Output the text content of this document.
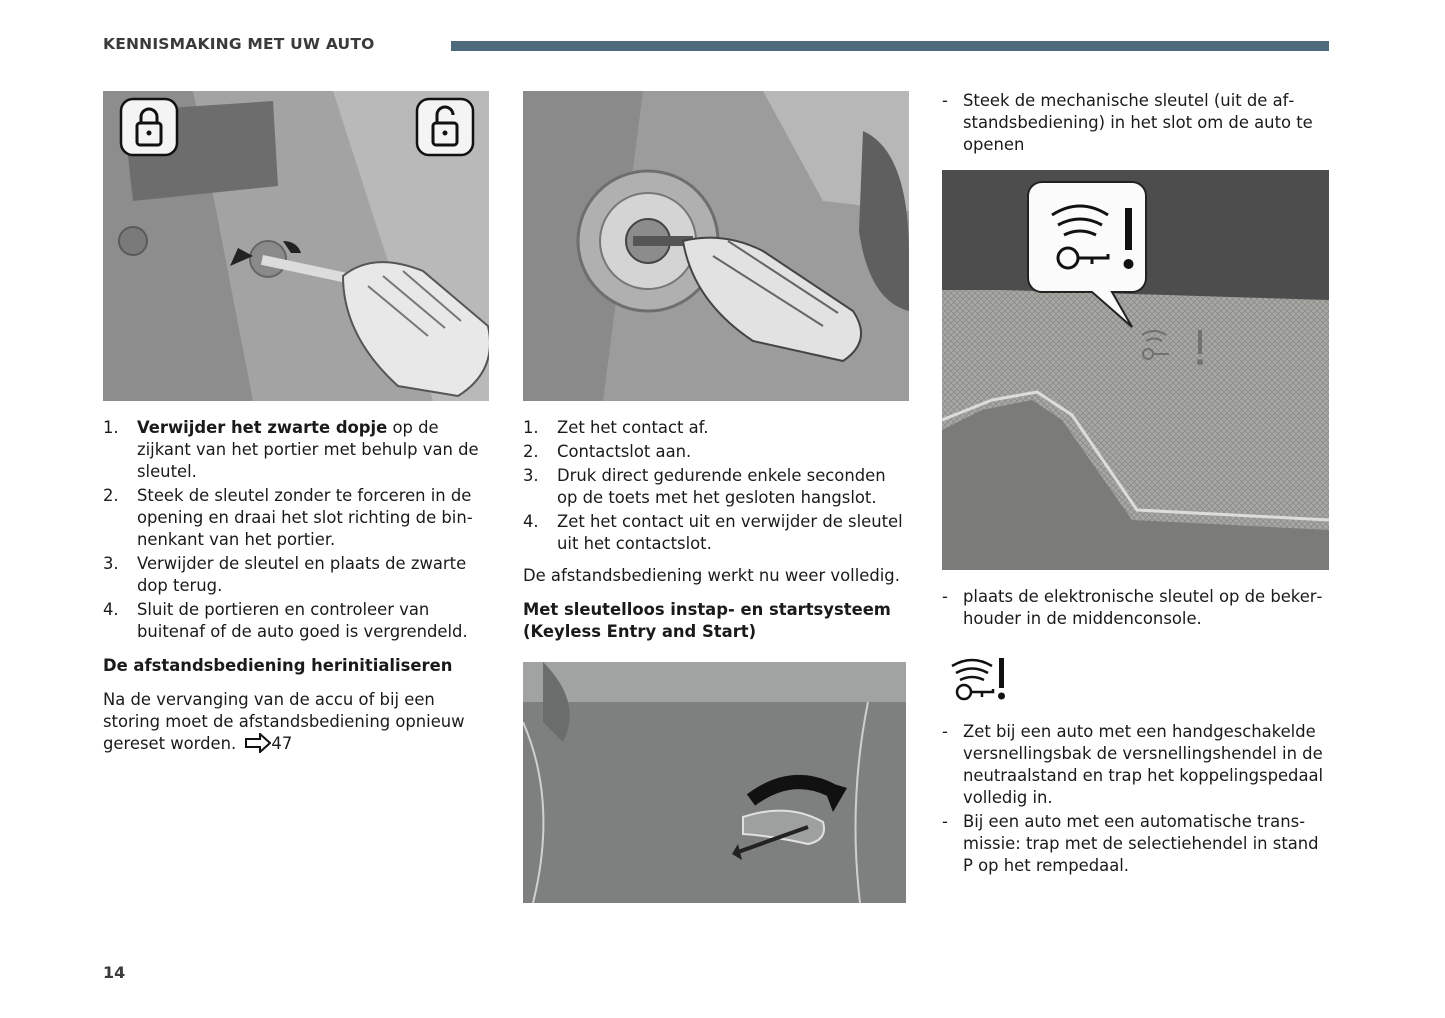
KENNISMAKING MET UW AUTO
1. Verwijder het zwarte dopje op de zijkant van het portier met behulp van de sleutel.
2. Steek de sleutel zonder te forceren in de opening en draai het slot richting de binnenkant van het portier.
3. Verwijder de sleutel en plaats de zwarte dop terug.
4. Sluit de portieren en controleer van buitenaf of de auto goed is vergrendeld.
De afstandsbediening herinitialiseren
Na de vervanging van de accu of bij een storing moet de afstandsbediening opnieuw gereset worden. 47
1. Zet het contact af.
2. Contactslot aan.
3. Druk direct gedurende enkele seconden op de toets met het gesloten hangslot.
4. Zet het contact uit en verwijder de sleutel uit het contactslot.
De afstandsbediening werkt nu weer volledig.
Met sleutelloos instap- en startsysteem (Keyless Entry and Start)
- Steek de mechanische sleutel (uit de afstandsbediening) in het slot om de auto te openen
- plaats de elektronische sleutel op de bekerhouder in de middenconsole.
- Zet bij een auto met een handgeschakelde versnellingsbak de versnellingshendel in de neutraalstand en trap het koppelingspedaal volledig in.
- Bij een auto met een automatische transmissie: trap met de selectiehendel in stand P op het rempedaal.
14
